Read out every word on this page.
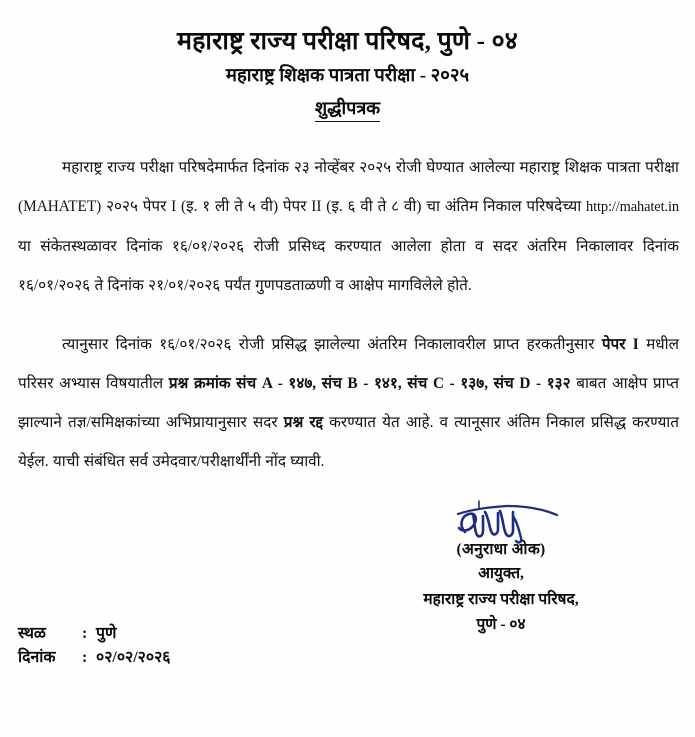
महाराष्ट्र राज्य परीक्षा परिषद, पुणे - ०४
महाराष्ट्र शिक्षक पात्रता परीक्षा - २०२५
शुद्धीपत्रक

महाराष्ट्र राज्य परीक्षा परिषदेमार्फत दिनांक २३ नोव्हेंबर २०२५ रोजी घेण्यात आलेल्या महाराष्ट्र शिक्षक पात्रता परीक्षा (MAHATET) २०२५ पेपर I (इ. १ ली ते ५ वी) पेपर II (इ. ६ वी ते ८ वी) चा अंतिम निकाल परिषदेच्या http://mahatet.in या संकेतस्थळावर दिनांक १६/०१/२०२६ रोजी प्रसिध्द करण्यात आलेला होता व सदर अंतरिम निकालावर दिनांक १६/०१/२०२६ ते दिनांक २१/०१/२०२६ पर्यंत गुणपडताळणी व आक्षेप मागविलेले होते.

त्यानुसार दिनांक १६/०१/२०२६ रोजी प्रसिद्ध झालेल्या अंतरिम निकालावरील प्राप्त हरकतीनुसार पेपर I मधील परिसर अभ्यास विषयातील प्रश्न क्रमांक संच A - १४७, संच B - १४१, संच C - १३७, संच D - १३२ बाबत आक्षेप प्राप्त झाल्याने तज्ञ/समिक्षकांच्या अभिप्रायानुसार सदर प्रश्न रद्द करण्यात येत आहे. व त्यानूसार अंतिम निकाल प्रसिद्ध करण्यात येईल. याची संबंधित सर्व उमेदवार/परीक्षार्थींनी नोंद घ्यावी.

(अनुराधा ओक)
आयुक्त,
महाराष्ट्र राज्य परीक्षा परिषद,
पुणे - ०४
स्थळ	: पुणे
दिनांक	: ०२/०२/२०२६
